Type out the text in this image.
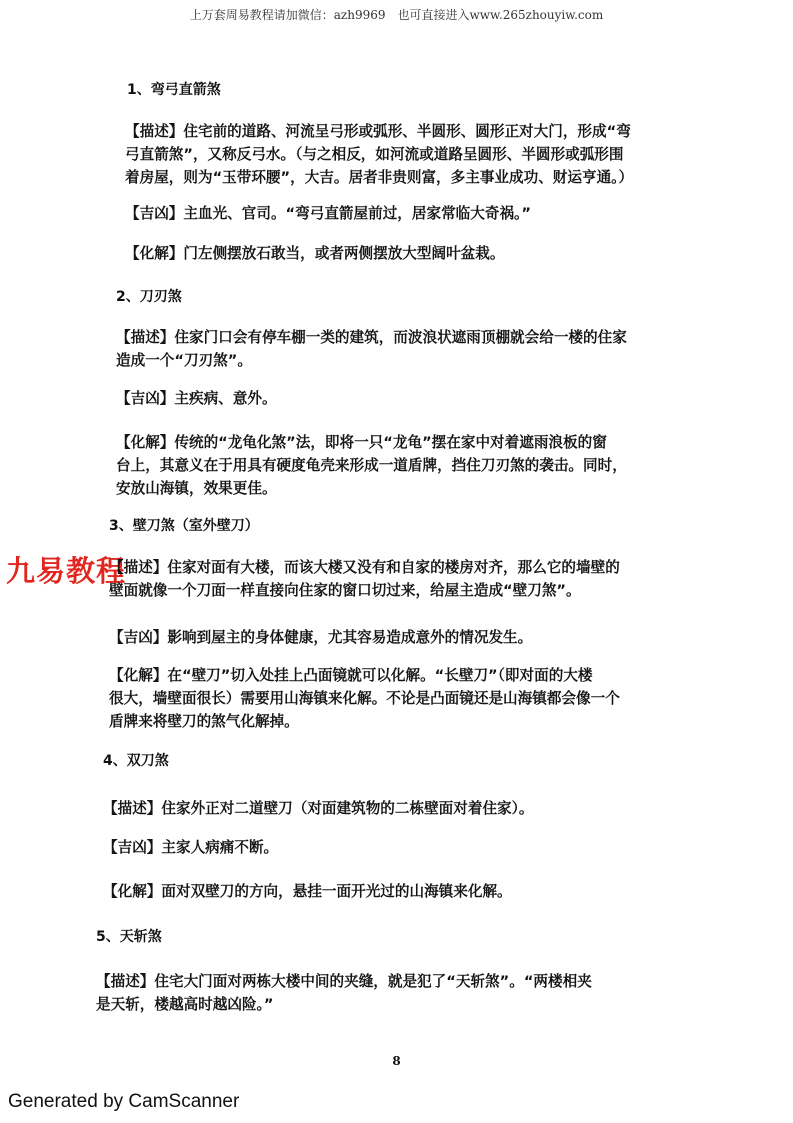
上万套周易教程请加微信：azh9969　也可直接进入www.265zhouyiw.com
九易教程
1、弯弓直箭煞
【描述】住宅前的道路、河流呈弓形或弧形、半圆形、圆形正对大门，形成“弯
弓直箭煞”，又称反弓水。（与之相反，如河流或道路呈圆形、半圆形或弧形围
着房屋，则为“玉带环腰”，大吉。居者非贵则富，多主事业成功、财运亨通。）
【吉凶】主血光、官司。“弯弓直箭屋前过，居家常临大奇祸。”
【化解】门左侧摆放石敢当，或者两侧摆放大型阔叶盆栽。
2、刀刃煞
【描述】住家门口会有停车棚一类的建筑，而波浪状遮雨顶棚就会给一楼的住家
造成一个“刀刃煞”。
【吉凶】主疾病、意外。
【化解】传统的“龙龟化煞”法，即将一只“龙龟”摆在家中对着遮雨浪板的窗
台上，其意义在于用具有硬度龟壳来形成一道盾牌，挡住刀刃煞的袭击。同时，
安放山海镇，效果更佳。
3、壁刀煞（室外壁刀）
【描述】住家对面有大楼，而该大楼又没有和自家的楼房对齐，那么它的墙壁的
壁面就像一个刀面一样直接向住家的窗口切过来，给屋主造成“壁刀煞”。
【吉凶】影响到屋主的身体健康，尤其容易造成意外的情况发生。
【化解】在“壁刀”切入处挂上凸面镜就可以化解。“长壁刀”（即对面的大楼
很大，墙壁面很长）需要用山海镇来化解。不论是凸面镜还是山海镇都会像一个
盾牌来将壁刀的煞气化解掉。
4、双刀煞
【描述】住家外正对二道壁刀（对面建筑物的二栋壁面对着住家）。
【吉凶】主家人病痛不断。
【化解】面对双壁刀的方向，悬挂一面开光过的山海镇来化解。
5、天斩煞
【描述】住宅大门面对两栋大楼中间的夹缝，就是犯了“天斩煞”。“两楼相夹
是天斩，楼越高时越凶险。”
8
Generated by CamScanner
